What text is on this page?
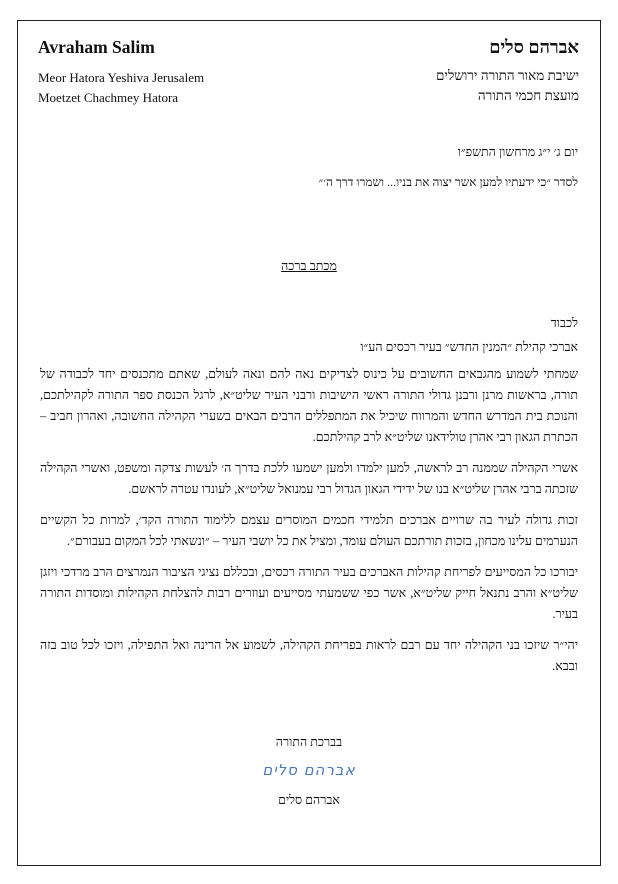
Avraham Salim
Meor Hatora Yeshiva Jerusalem
Moetzet Chachmey Hatora
אברהם סלים
ישיבת מאור התורה ירושלים
מועצת חכמי התורה
יום ג׳ י״ג מרחשון התשפ״ו
לסדר ״כי ידעתיו למען אשר יצוה את בניו... ושמרו דרך ה׳״
מכתב ברכה
לכבוד
אברכי קהילת ״המנין החדש״ בעיר רכסים הע״ו

שמחתי לשמוע מהגבאים החשובים על כינוס לצדיקים נאה להם ונאה לעולם, שאתם מתכנסים יחד לכבודה של תורה, בראשות מרנן ורבנן גדולי התורה ראשי הישיבות ורבני העיר שליט״א, לרגל הכנסת ספר התורה לקהילתכם, והנוכת בית המדרש החדש והמרווח שיכיל את המתפללים הרבים הבאים בשערי הקהילה החשובה, ואהרון חביב – הכתרת הגאון רבי אהרן טולידאנו שליט״א לרב קהילתכם.

אשרי הקהילה שממנה רב לראשה, למען ילמדו ולמען ישמעו ללכת בדרך ה׳ לעשות צדקה ומשפט, ואשרי הקהילה שזכתה ברבי אהרן שליט״א בנו של ידידי הגאון הגדול רבי עמנואל שליט״א, לעונדו עטרה לראשם.

זכות גדולה לעיר בה שרויים אברכים תלמידי חכמים המוסרים עצמם ללימוד התורה הקד׳, למרות כל הקשיים הנערמים עלינו מכחון, בזכות תורתכם העולם עומד, ומציל את כל יושבי העיר – ״ונשאתי לכל המקום בעבורם״.

יבורכו כל המסייעים לפריחת קהילות האברכים בעיר התורה רכסים, ובכללם נציגי הציבור הנמרצים הרב מרדכי ויזגן שליט״א והרב נתנאל חייק שליט״א, אשר כפי ששמעתי מסייעים ועוזרים רבות להצלחת הקהילות ומוסדות התורה בעיר.

יהי״ר שיזכו בני הקהילה יחד עם רבם לראות בפריחת הקהילה, לשמוע אל הרינה ואל התפילה, ויזכו לכל טוב בזה ובבא.

בברכת התורה
אברהם סלים
אברהם סלים
